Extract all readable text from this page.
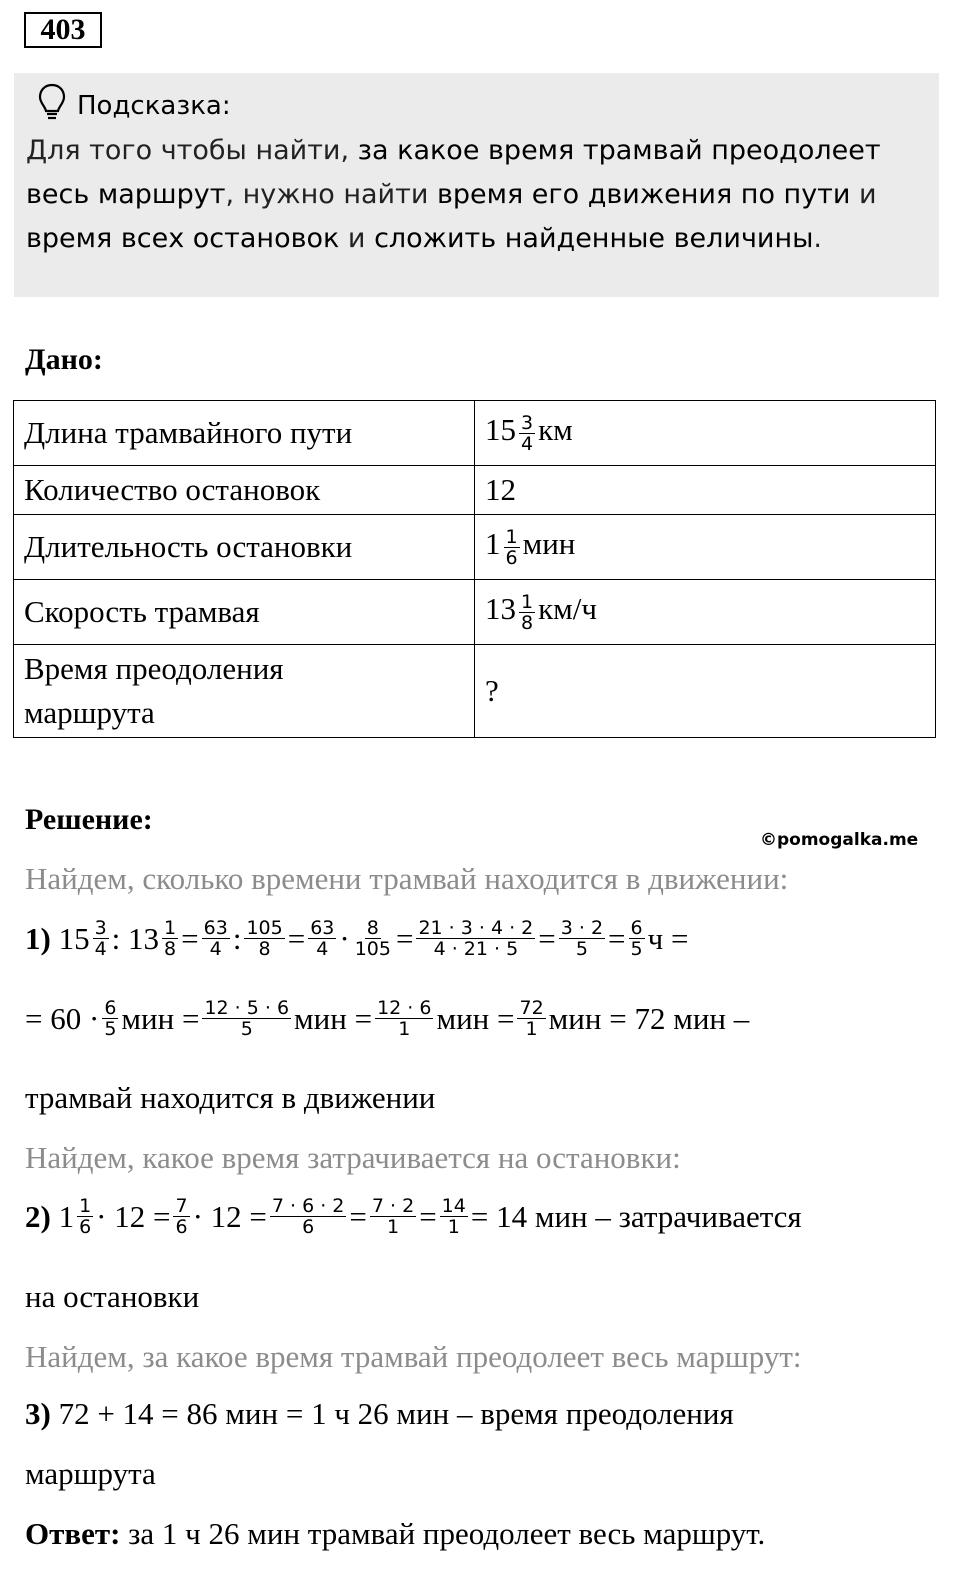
403
Подсказка:
Для того чтобы найти, за какое время трамвай преодолеет
весь маршрут, нужно найти время его движения по пути и
время всех остановок и сложить найденные величины.
Дано:
Длина трамвайного пути	$15 \frac{3}{4}$ км
Количество остановок	12
Длительность остановки	$1 \frac{1}{6}$ мин
Скорость трамвая	$13 \frac{1}{8} км/ч$

Время преодоления
маршрута	?
Решение:
©pomogalka.me
Найдем, сколько времени трамвай находится в движении:
1) $15 \frac{3}{4}$ : $13 \frac{1}{8} = \frac{63}{4}$ : $\frac{105}{8} = \frac{63}{4} \cdot \frac{8}{105} = \frac{21 \cdot 3 \cdot 4 \cdot 2}{4 \cdot 21 \cdot 5} = \frac{3 \cdot 2}{5} = \frac{6}{5}$ ч =
= $60 \cdot \frac{6}{5}$ мин = $\frac{12 \cdot 5 \cdot 6}{5}$ мин = $\frac{12 \cdot 6}{1}$ мин = $\frac{72}{1}$ мин = 72 мин –
трамвай находится в движении
Найдем, какое время затрачивается на остановки:
2) $1 \frac{1}{6} \cdot 12 = \frac{7}{6} \cdot 12 = \frac{7 \cdot 6 \cdot 2}{6} = \frac{7 \cdot 2}{1} = \frac{14}{1} = 14$ мин – затрачивается
на остановки
Найдем, за какое время трамвай преодолеет весь маршрут:
3) 72 + 14 = 86 мин = 1 ч 26 мин – время преодоления
маршрута
Ответ: за 1 ч 26 мин трамвай преодолеет весь маршрут.
